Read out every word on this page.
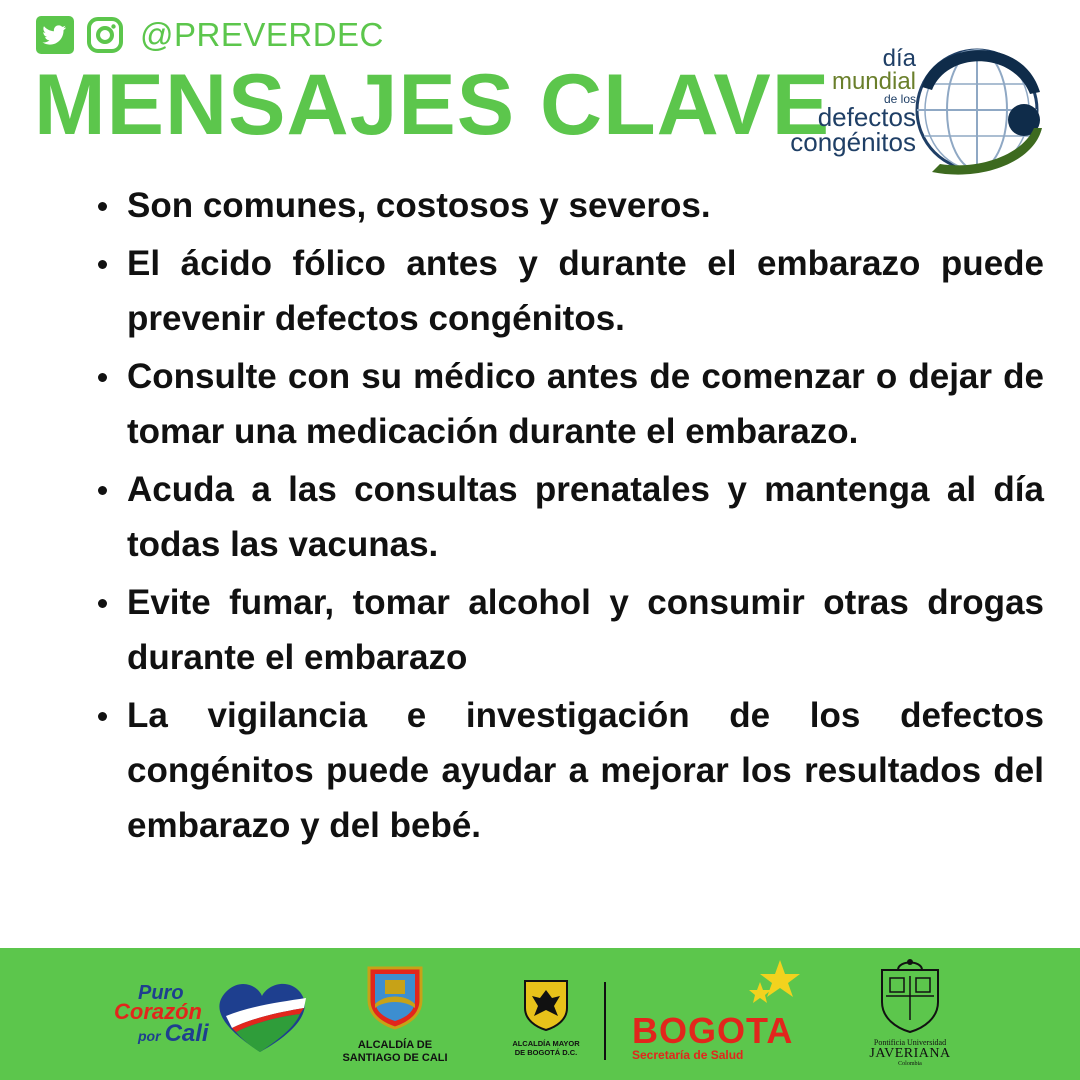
@PREVERDEC
MENSAJES CLAVE	día
mundial
de los
defectos
congénitos
Son comunes, costosos y severos.
El ácido fólico antes y durante el embarazo puede prevenir defectos congénitos.
Consulte con su médico antes de comenzar o dejar de tomar una medicación durante el embarazo.
Acuda a las consultas prenatales y mantenga al día todas las vacunas.
Evite fumar, tomar alcohol y consumir otras drogas durante el embarazo
La vigilancia e investigación de los defectos congénitos puede ayudar a mejorar los resultados del embarazo y del bebé.
Puro
Corazón
por Cali	ALCALDÍA DE
SANTIAGO DE CALI
ALCALDÍA MAYOR
DE BOGOTÁ D.C.
BOGOTA
Secretaría de Salud
Pontificia Universidad
JAVERIANA
Colombia
